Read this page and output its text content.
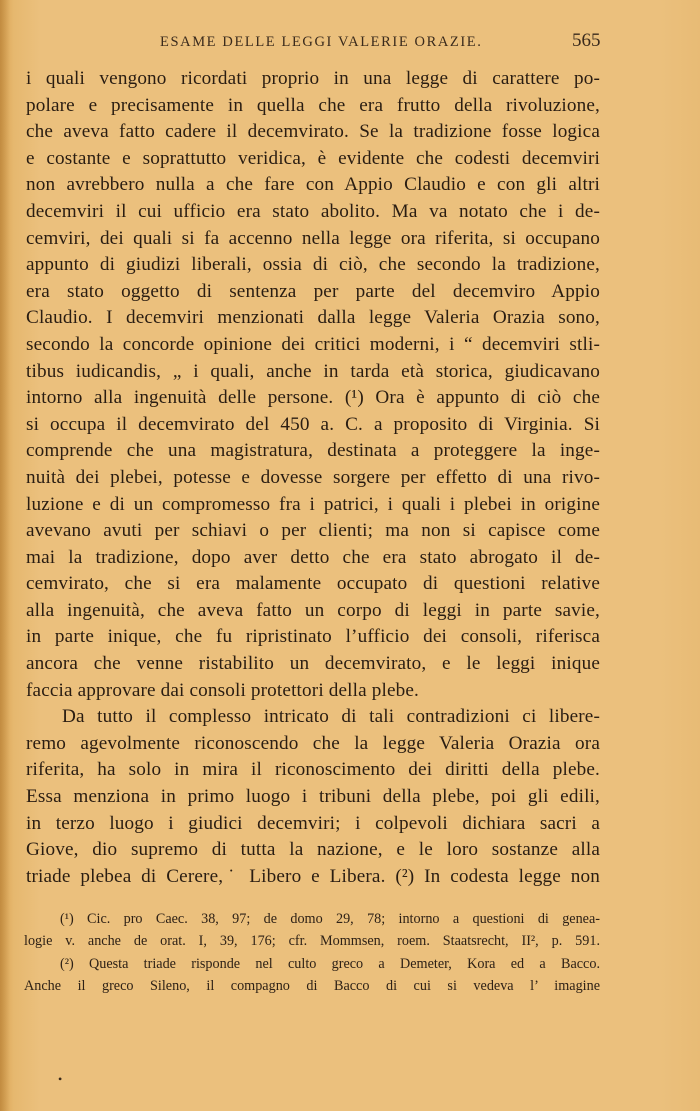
ESAME DELLE LEGGI VALERIE ORAZIE.	565
i quali vengono ricordati proprio in una legge di carattere po-
polare e precisamente in quella che era frutto della rivoluzione,
che aveva fatto cadere il decemvirato. Se la tradizione fosse logica
e costante e soprattutto veridica, è evidente che codesti decemviri
non avrebbero nulla a che fare con Appio Claudio e con gli altri
decemviri il cui ufficio era stato abolito. Ma va notato che i de-
cemviri, dei quali si fa accenno nella legge ora riferita, si occupano
appunto di giudizi liberali, ossia di ciò, che secondo la tradizione,
era stato oggetto di sentenza per parte del decemviro Appio
Claudio. I decemviri menzionati dalla legge Valeria Orazia sono,
secondo la concorde opinione dei critici moderni, i “ decemviri stli-
tibus iudicandis, „ i quali, anche in tarda età storica, giudicavano
intorno alla ingenuità delle persone. (¹) Ora è appunto di ciò che
si occupa il decemvirato del 450 a. C. a proposito di Virginia. Si
comprende che una magistratura, destinata a proteggere la inge-
nuità dei plebei, potesse e dovesse sorgere per effetto di una rivo-
luzione e di un compromesso fra i patrici, i quali i plebei in origine
avevano avuti per schiavi o per clienti; ma non si capisce come
mai la tradizione, dopo aver detto che era stato abrogato il de-
cemvirato, che si era malamente occupato di questioni relative
alla ingenuità, che aveva fatto un corpo di leggi in parte savie,
in parte inique, che fu ripristinato l’ufficio dei consoli, riferisca
ancora che venne ristabilito un decemvirato, e le leggi inique
faccia approvare dai consoli protettori della plebe.
Da tutto il complesso intricato di tali contradizioni ci libere-
remo agevolmente riconoscendo che la legge Valeria Orazia ora
riferita, ha solo in mira il riconoscimento dei diritti della plebe.
Essa menziona in primo luogo i tribuni della plebe, poi gli edili,
in terzo luogo i giudici decemviri; i colpevoli dichiara sacri a
Giove, dio supremo di tutta la nazione, e le loro sostanze alla
triade plebea di Cerere,˙ Libero e Libera. (²) In codesta legge non
(¹) Cic. pro Caec. 38, 97; de domo 29, 78; intorno a questioni di genea-
logie v. anche de orat. I, 39, 176; cfr. Mommsen, roem. Staatsrecht, II², p. 591.
(²) Questa triade risponde nel culto greco a Demeter, Kora ed a Bacco.
Anche il greco Sileno, il compagno di Bacco di cui si vedeva l’ imagine
•
